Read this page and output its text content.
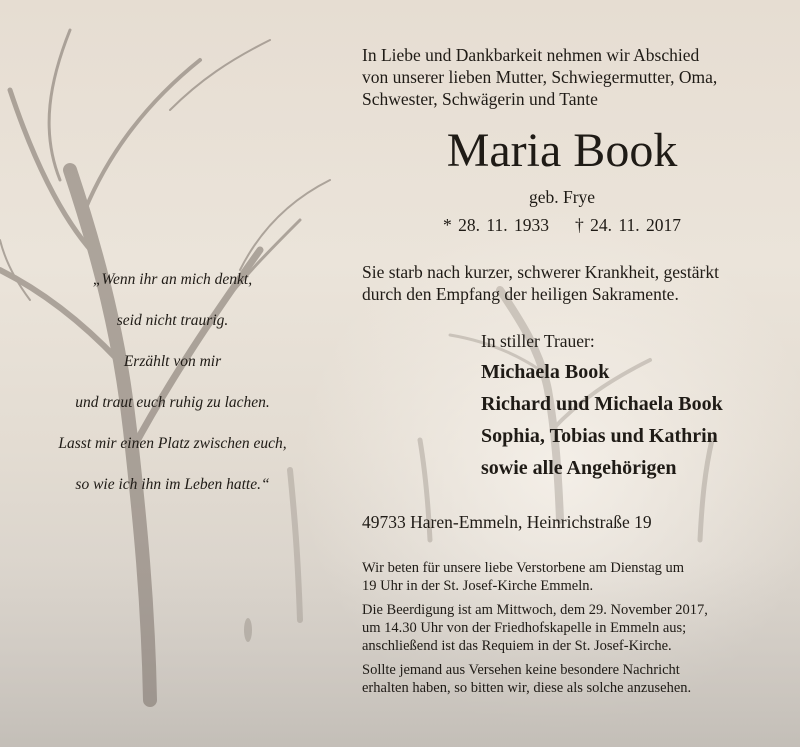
In Liebe und Dankbarkeit nehmen wir Abschied
von unserer lieben Mutter, Schwiegermutter, Oma,
Schwester, Schwägerin und Tante
Maria Book
geb. Frye
* 28. 11. 1933 † 24. 11. 2017
Sie starb nach kurzer, schwerer Krankheit, gestärkt
durch den Empfang der heiligen Sakramente.
In stiller Trauer:
Michaela Book
Richard und Michaela Book
Sophia, Tobias und Kathrin
sowie alle Angehörigen
49733 Haren-Emmeln, Heinrichstraße 19

Wir beten für unsere liebe Verstorbene am Dienstag um
19 Uhr in der St. Josef-Kirche Emmeln.

Die Beerdigung ist am Mittwoch, dem 29. November 2017,
um 14.30 Uhr von der Friedhofskapelle in Emmeln aus;
anschließend ist das Requiem in der St. Josef-Kirche.

Sollte jemand aus Versehen keine besondere Nachricht
erhalten haben, so bitten wir, diese als solche anzusehen.

„Wenn ihr an mich denkt,
seid nicht traurig.
Erzählt von mir
und traut euch ruhig zu lachen.
Lasst mir einen Platz zwischen euch,
so wie ich ihn im Leben hatte.“
